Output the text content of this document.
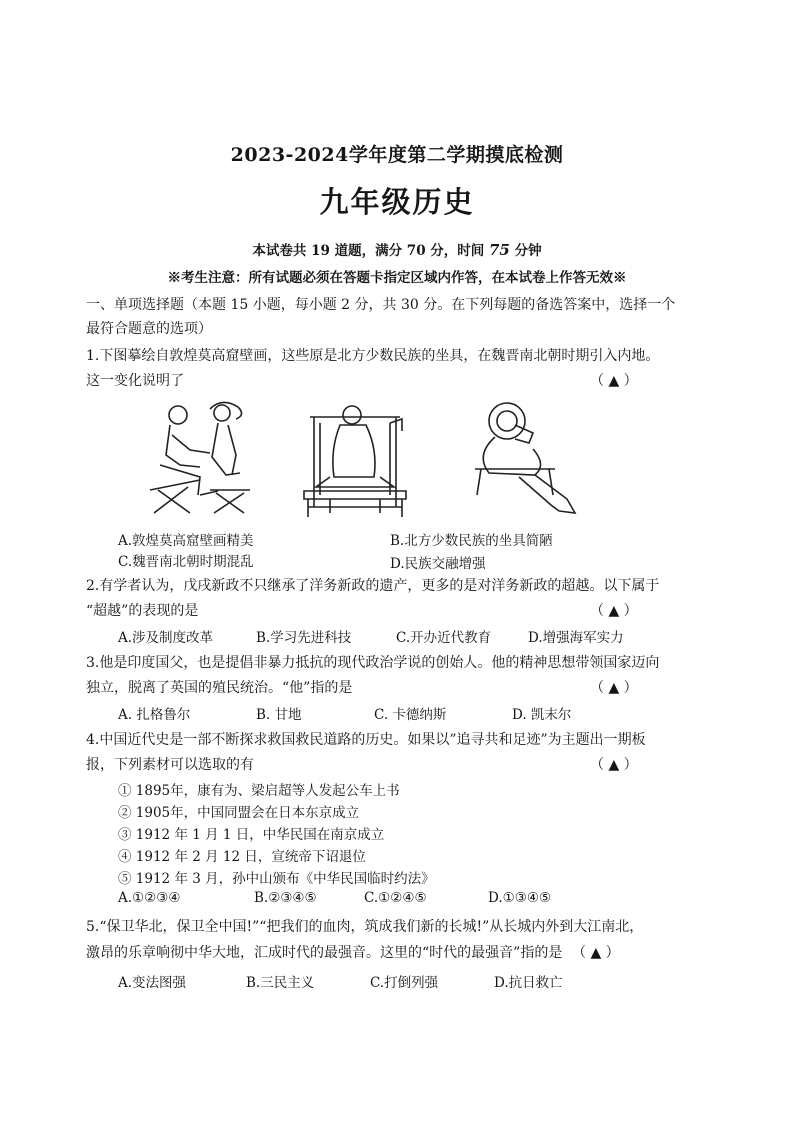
2023-2024学年度第二学期摸底检测
九年级历史
本试卷共 19 道题，满分 70 分，时间 75 分钟
※考生注意：所有试题必须在答题卡指定区域内作答，在本试卷上作答无效※
一、单项选择题（本题 15 小题，每小题 2 分，共 30 分。在下列每题的备选答案中，选择一个
最符合题意的选项）
1.下图摹绘自敦煌莫高窟壁画，这些原是北方少数民族的坐具，在魏晋南北朝时期引入内地。
这一变化说明了	（ ▲ ）
A.敦煌莫高窟壁画精美	B.北方少数民族的坐具简陋
C.魏晋南北朝时期混乱	D.民族交融增强
2.有学者认为，戊戌新政不只继承了洋务新政的遗产，更多的是对洋务新政的超越。以下属于
“超越”的表现的是	（ ▲ ）
A.涉及制度改革	B.学习先进科技	C.开办近代教育	D.增强海军实力
3.他是印度国父，也是提倡非暴力抵抗的现代政治学说的创始人。他的精神思想带领国家迈向
独立，脱离了英国的殖民统治。“他”指的是	（ ▲ ）
A. 扎格鲁尔	B. 甘地	C. 卡德纳斯	D. 凯末尔
4.中国近代史是一部不断探求救国救民道路的历史。如果以”追寻共和足迹”为主题出一期板
报，下列素材可以选取的有	（ ▲ ）
① 1895年，康有为、梁启超等人发起公车上书
② 1905年，中国同盟会在日本东京成立
③ 1912 年 1 月 1 日，中华民国在南京成立
④ 1912 年 2 月 12 日，宣统帝下诏退位
⑤ 1912 年 3 月，孙中山颁布《中华民国临时约法》
A.①②③④	B.②③④⑤	C.①②④⑤	D.①③④⑤
5.“保卫华北，保卫全中国!”“把我们的血肉，筑成我们新的长城!”从长城内外到大江南北，
激昂的乐章响彻中华大地，汇成时代的最强音。这里的“时代的最强音”指的是 （ ▲ ）
A.变法图强	B.三民主义	C.打倒列强	D.抗日救亡
